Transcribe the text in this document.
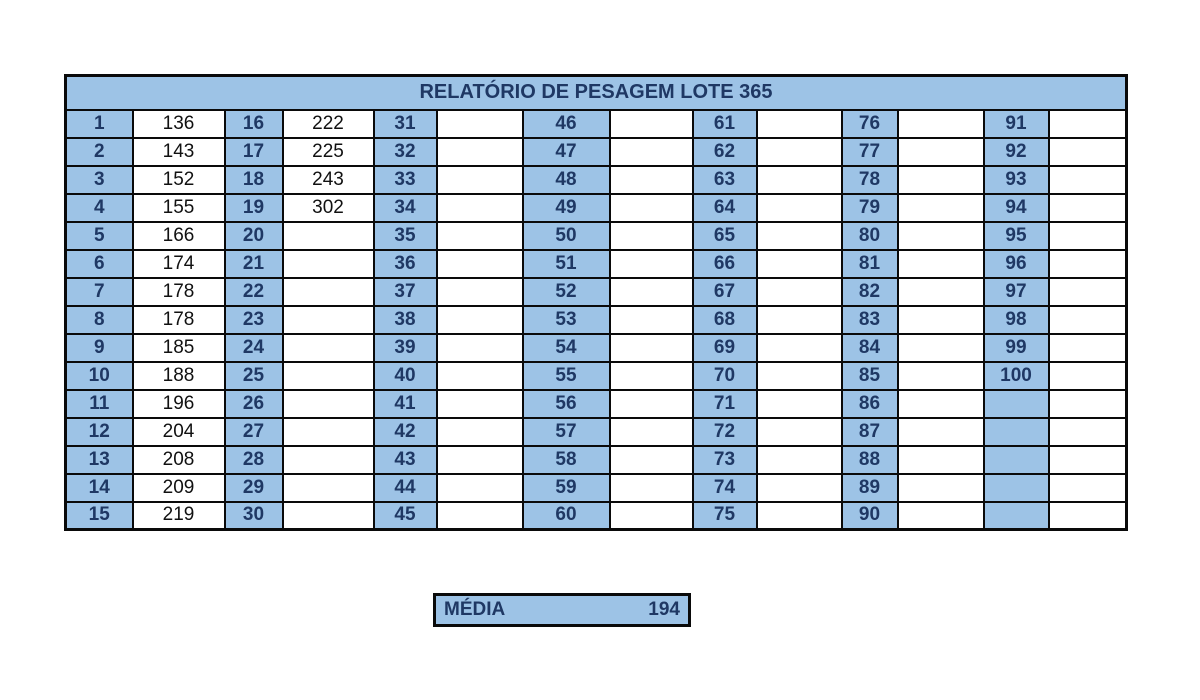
RELATÓRIO DE PESAGEM LOTE 365													
1	136	16	222	31		46		61		76		91	
2	143	17	225	32		47		62		77		92	
3	152	18	243	33		48		63		78		93	
4	155	19	302	34		49		64		79		94	
5	166	20		35		50		65		80		95	
6	174	21		36		51		66		81		96	
7	178	22		37		52		67		82		97	
8	178	23		38		53		68		83		98	
9	185	24		39		54		69		84		99	
10	188	25		40		55		70		85		100	
11	196	26		41		56		71		86			
12	204	27		42		57		72		87			
13	208	28		43		58		73		88			
14	209	29		44		59		74		89			
15	219	30		45		60		75		90			
MÉDIA	194
